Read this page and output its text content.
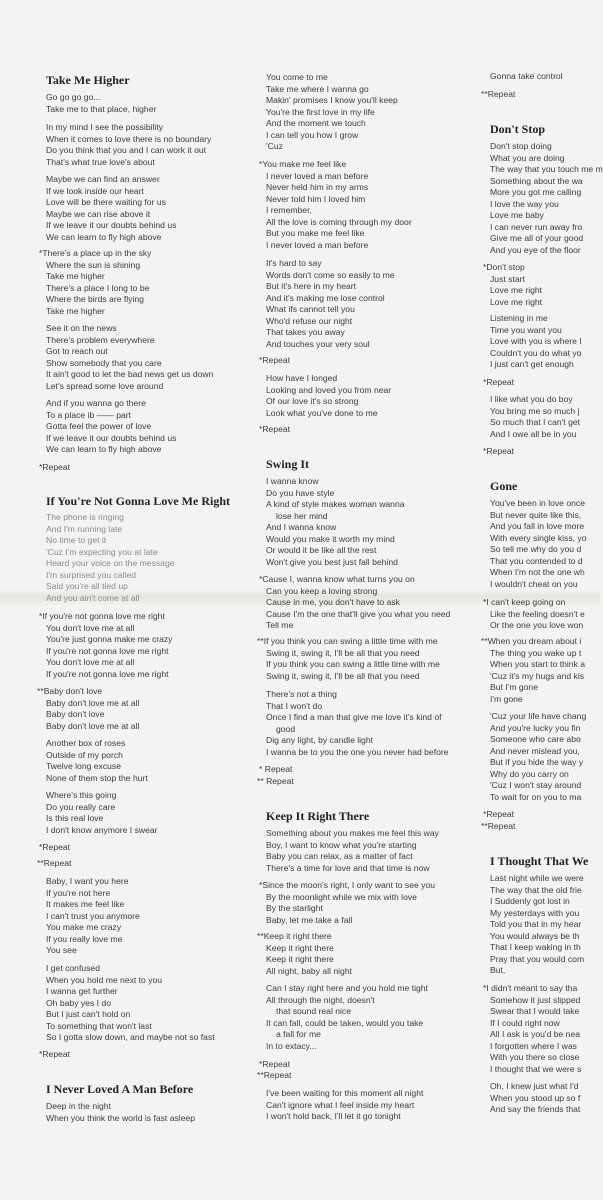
Take Me Higher
Go go go go...
Take me to that place, higher
In my mind I see the possibility
When it comes to love there is no boundary
Do you think that you and I can work it out
That's what true love's about
Maybe we can find an answer
If we look inside our heart
Love will be there waiting for us
Maybe we can rise above it
If we leave it our doubts behind us
We can learn to fly high above
*There's a place up in the sky
Where the sun is shining
Take me higher
There's a place I long to be
Where the birds are flying
Take me higher
See it on the news
There's problem everywhere
Got to reach out
Show somebody that you care
It ain't good to let the bad news get us down
Let's spread some love around
And if you wanna go there
To a place ib —— part
Gotta feel the power of love
If we leave it our doubts behind us
We can learn to fly high above
*Repeat
If You're Not Gonna Love Me Right
The phone is ringing
And I'm running late
No time to get it
'Cuz I'm expecting you at late
Heard your voice on the message
I'm surprised you called
Said you're all tied up
And you ain't come at all
*If you're not gonna love me right
You don't love me at all
You're just gonna make me crazy
If you're not gonna love me right
You don't love me at all
If you're not gonna love me right
**Baby don't love
Baby don't love me at all
Baby don't love
Baby don't love me at all
Another box of roses
Outside of my porch
Twelve long excuse
None of them stop the hurt
Where's this going
Do you really care
Is this real love
I don't know anymore I swear
*Repeat
**Repeat
Baby, I want you here
If you're not here
It makes me feel like
I can't trust you anymore
You make me crazy
If you really love me
You see
I get confused
When you hold me next to you
I wanna get further
Oh baby yes I do
But I just can't hold on
To something that won't last
So I gotta slow down, and maybe not so fast
*Repeat
I Never Loved A Man Before
Deep in the night
When you think the world is fast asleep
You come to me
Take me where I wanna go
Makin' promises I know you'll keep
You're the first love in my life
And the moment we touch
I can tell you how I grow
'Cuz
*You make me feel like
I never loved a man before
Never held him in my arms
Never told him I loved him
I remember,
All the love is coming through my door
But you make me feel like
I never loved a man before
It's hard to say
Words don't come so easily to me
But it's here in my heart
And it's making me lose control
What ifs cannot tell you
Who'd refuse our night
That takes you away
And touches your very soul
*Repeat
How have I longed
Looking and loved you from near
Of our love it's so strong
Look what you've done to me
*Repeat
Swing It
I wanna know
Do you have style
A kind of style makes woman wanna
lose her mind
And I wanna know
Would you make it worth my mind
Or would it be like all the rest
Won't give you best just fall behind
*Cause I, wanna know what turns you on
Can you keep a loving strong
Cause in me, you don't have to ask
Cause I'm the one that'll give you what you need
Tell me
**If you think you can swing a little time with me
Swing it, swing it, I'll be all that you need
If you think you can swing a little time with me
Swing it, swing it, I'll be all that you need
There's not a thing
That I won't do
Once I find a man that give me love it's kind of
good
Dig any light, by candle light
I wanna be to you the one you never had before
* Repeat
** Repeat
Keep It Right There
Something about you makes me feel this way
Boy, I want to know what you're starting
Baby you can relax, as a matter of fact
There's a time for love and that time is now
*Since the moon's right, I only want to see you
By the moonlight while we mix with love
By the starlight
Baby, let me take a fall
**Keep it right there
Keep it right there
Keep it right there
All night, baby all night
Can I stay right here and you hold me tight
All through the night, doesn't
that sound real nice
It can fall, could be taken, would you take
a fall for me
In to extacy...
*Repeat
**Repeat
I've been waiting for this moment all night
Can't ignore what I feel inside my heart
I won't hold back, I'll let it go tonight
Gonna take control
**Repeat
Don't Stop
Don't stop doing
What you are doing
The way that you touch me m
Something about the wa
More you got me calling
I love the way you
Love me baby
I can never run away fro
Give me all of your good
And you eye of the floor
*Don't stop
Just start
Love me right
Love me right
Listening in me
Time you want you
Love with you is where I
Couldn't you do what yo
I just can't get enough
*Repeat
I like what you do boy
You bring me so much j
So much that I can't get
And I owe all be in you
*Repeat
Gone
You've been in love once
But never quite like this,
And you fall in love more
With every single kiss, yo
So tell me why do you d
That you contended to d
When I'm not the one wh
I wouldn't cheat on you
*I can't keep going on
Like the feeling doesn't e
Or the one you love won
**When you dream about i
The thing you wake up t
When you start to think a
'Cuz it's my hugs and kis
But I'm gone
I'm gone
'Cuz your life have chang
And you're lucky you fin
Someone who care abo
And never mislead you,
But if you hide the way y
Why do you carry on
'Cuz I won't stay around
To wait for on you to ma
*Repeat
**Repeat
I Thought That We
Last night while we were
The way that the old frie
I Suddenly got lost in
My yesterdays with you
Told you that in my hear
You would always be th
That I keep waking in th
Pray that you would com
But,
*I didn't meant to say tha
Somehow it just slipped
Swear that I would take
If I could right now
All I ask is you'd be nea
I forgotten where I was
With you there so close
I thought that we were s
Oh, I knew just what I'd
When you stood up so f
And say the friends that
